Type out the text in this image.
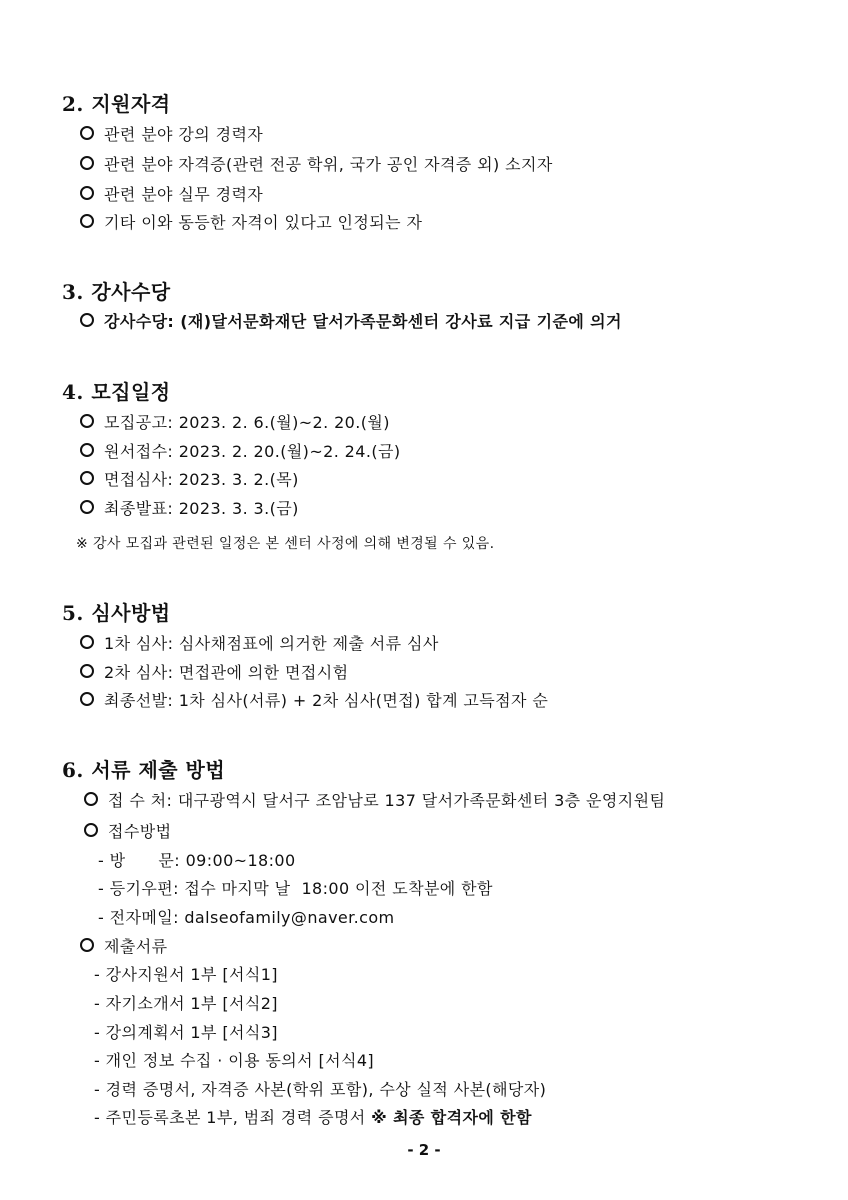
2. 지원자격
관련 분야 강의 경력자
관련 분야 자격증(관련 전공 학위, 국가 공인 자격증 외) 소지자
관련 분야 실무 경력자
기타 이와 동등한 자격이 있다고 인정되는 자
3. 강사수당
강사수당: (재)달서문화재단 달서가족문화센터 강사료 지급 기준에 의거
4. 모집일정
모집공고: 2023. 2. 6.(월)~2. 20.(월)
원서접수: 2023. 2. 20.(월)~2. 24.(금)
면접심사: 2023. 3. 2.(목)
최종발표: 2023. 3. 3.(금)
※ 강사 모집과 관련된 일정은 본 센터 사정에 의해 변경될 수 있음.
5. 심사방법
1차 심사: 심사채점표에 의거한 제출 서류 심사
2차 심사: 면접관에 의한 면접시험
최종선발: 1차 심사(서류) + 2차 심사(면접) 합계 고득점자 순
6. 서류 제출 방법
접 수 처: 대구광역시 달서구 조암남로 137 달서가족문화센터 3층 운영지원팀
접수방법
- 방      문: 09:00~18:00
- 등기우편: 접수 마지막 날  18:00 이전 도착분에 한함
- 전자메일: dalseofamily@naver.com
제출서류
- 강사지원서 1부 [서식1]
- 자기소개서 1부 [서식2]
- 강의계획서 1부 [서식3]
- 개인 정보 수집 · 이용 동의서 [서식4]
- 경력 증명서, 자격증 사본(학위 포함), 수상 실적 사본(해당자)
- 주민등록초본 1부, 범죄 경력 증명서 ※ 최종 합격자에 한함
- 2 -
